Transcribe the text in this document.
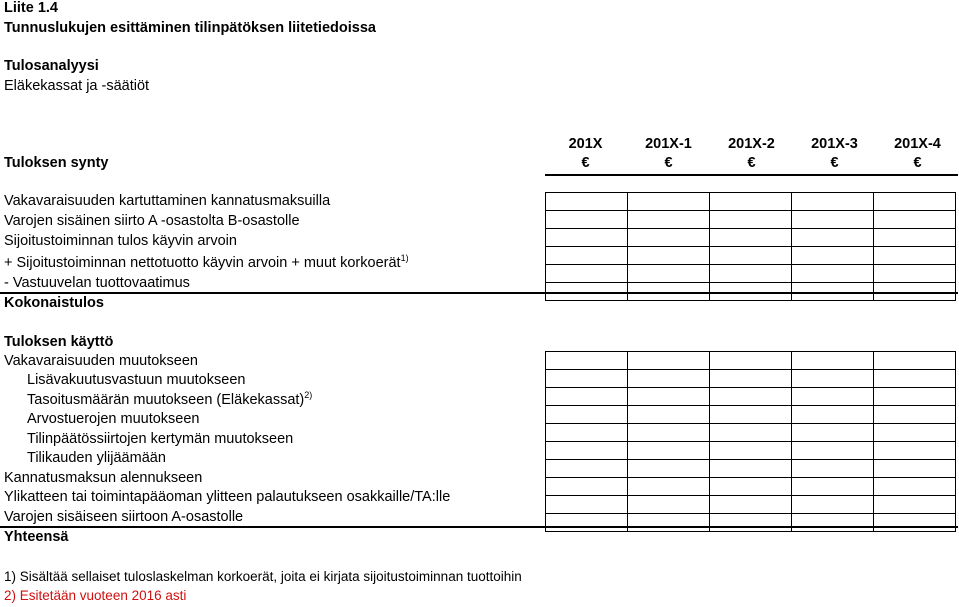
Liite 1.4
Tunnuslukujen esittäminen tilinpätöksen liitetiedoissa
Tulosanalyysi
Eläkekassat ja -säätiöt
201X	201X-1	201X-2	201X-3	201X-4
€	€	€	€	€
Tuloksen synty
Vakavaraisuuden kartuttaminen kannatusmaksuilla
Varojen sisäinen siirto A -osastolta B-osastolle
Sijoitustoiminnan tulos käyvin arvoin
+ Sijoitustoiminnan nettotuotto käyvin arvoin + muut korkoerät$^{1)}$
- Vastuuvelan tuottovaatimus
Kokonaistulos

Tuloksen käyttö
Vakavaraisuuden muutokseen
Lisävakuutusvastuun muutokseen
Tasoitusmäärän muutokseen (Eläkekassat)$^{2)}$
Arvostuerojen muutokseen
Tilinpäätössiirtojen kertymän muutokseen
Tilikauden ylijäämään
Kannatusmaksun alennukseen
Ylikatteen tai toimintapääoman ylitteen palautukseen osakkaille/TA:lle
Varojen sisäiseen siirtoon A-osastolle
Yhteensä

1) Sisältää sellaiset tuloslaskelman korkoerät, joita ei kirjata sijoitustoiminnan tuottoihin
2) Esitetään vuoteen 2016 asti
